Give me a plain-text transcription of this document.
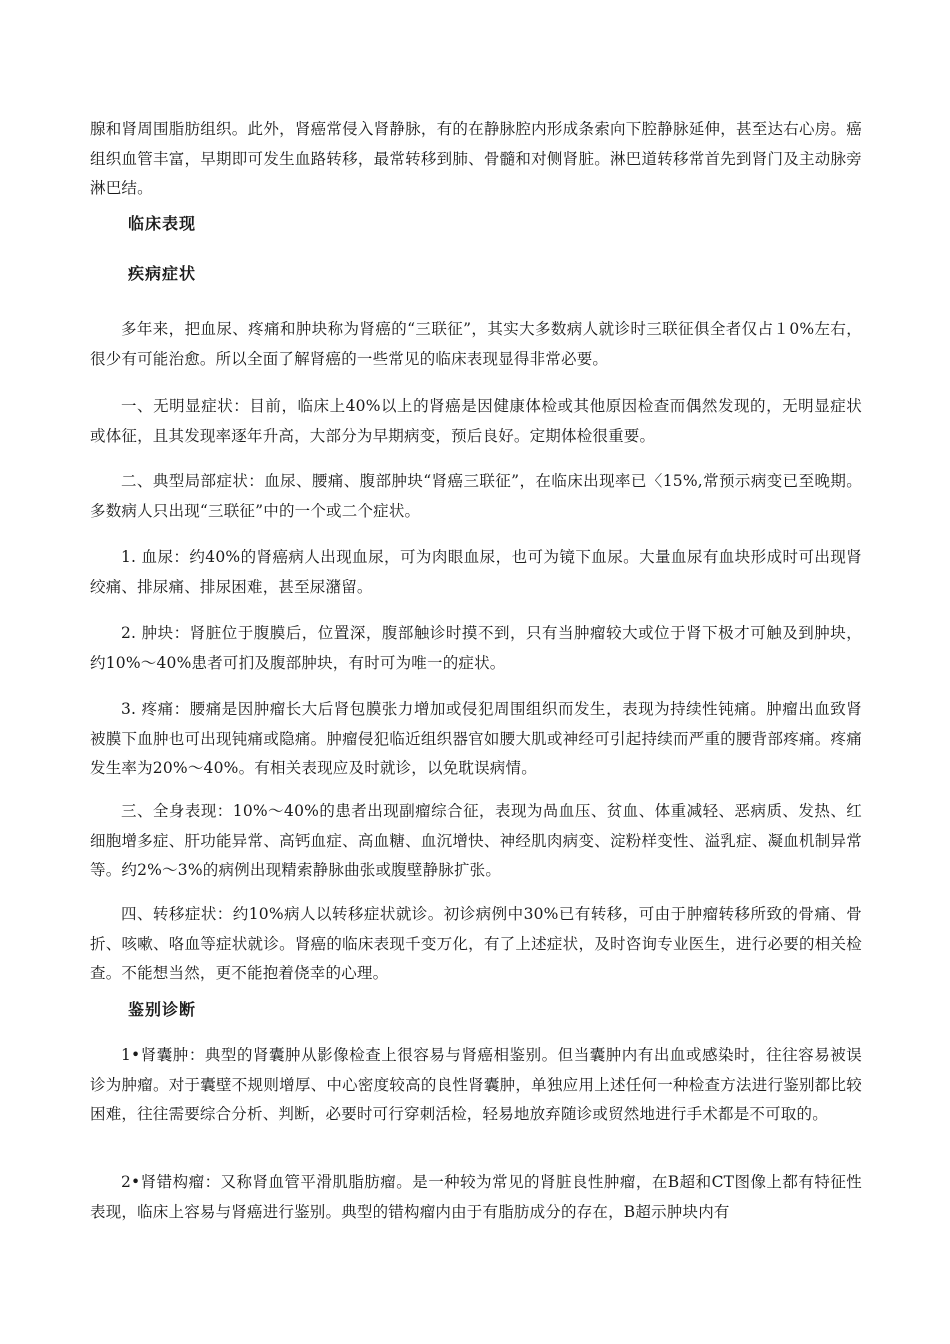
腺和肾周围脂肪组织。此外，肾癌常侵入肾静脉，有的在静脉腔内形成条索向下腔静脉延伸，甚至达右心房。癌组织血管丰富，早期即可发生血路转移，最常转移到肺、骨髓和对侧肾脏。淋巴道转移常首先到肾门及主动脉旁淋巴结。

临床表现
疾病症状

多年来，把血尿、疼痛和肿块称为肾癌的“三联征”，其实大多数病人就诊时三联征俱全者仅占１0%左右，很少有可能治愈。所以全面了解肾癌的一些常见的临床表现显得非常必要。

一、无明显症状：目前，临床上40%以上的肾癌是因健康体检或其他原因检查而偶然发现的，无明显症状或体征，且其发现率逐年升高，大部分为早期病变，预后良好。定期体检很重要。

二、典型局部症状：血尿、腰痛、腹部肿块“肾癌三联征”，在临床出现率已〈15%,常预示病变已至晚期。多数病人只出现“三联征”中的一个或二个症状。

1. 血尿：约40%的肾癌病人出现血尿，可为肉眼血尿，也可为镜下血尿。大量血尿有血块形成时可出现肾绞痛、排尿痛、排尿困难，甚至尿潴留。

2. 肿块：肾脏位于腹膜后，位置深，腹部触诊时摸不到，只有当肿瘤较大或位于肾下极才可触及到肿块，约10%〜40%患者可扪及腹部肿块，有时可为唯一的症状。

3. 疼痛：腰痛是因肿瘤长大后肾包膜张力增加或侵犯周围组织而发生，表现为持续性钝痛。肿瘤出血致肾被膜下血肿也可出现钝痛或隐痛。肿瘤侵犯临近组织器官如腰大肌或神经可引起持续而严重的腰背部疼痛。疼痛发生率为20%〜40%。有相关表现应及时就诊，以免耽误病情。

三、全身表现：10%〜40%的患者出现副瘤综合征，表现为咼血压、贫血、体重减轻、恶病质、发热、红细胞增多症、肝功能异常、高钙血症、高血糖、血沉增快、神经肌肉病变、淀粉样变性、溢乳症、凝血机制异常等。约2%〜3%的病例出现精索静脉曲张或腹壁静脉扩张。

四、转移症状：约10%病人以转移症状就诊。初诊病例中30%已有转移，可由于肿瘤转移所致的骨痛、骨折、咳嗽、咯血等症状就诊。肾癌的临床表现千变万化，有了上述症状，及时咨询专业医生，进行必要的相关检查。不能想当然，更不能抱着侥幸的心理。

鉴别诊断

1•肾囊肿：典型的肾囊肿从影像检查上很容易与肾癌相鉴别。但当囊肿内有出血或感染时，往往容易被误诊为肿瘤。对于囊壁不规则增厚、中心密度较高的良性肾囊肿，单独应用上述任何一种检查方法进行鉴别都比较困难，往往需要综合分析、判断，必要时可行穿刺活检，轻易地放弃随诊或贸然地进行手术都是不可取的。

2•肾错构瘤：又称肾血管平滑肌脂肪瘤。是一种较为常见的肾脏良性肿瘤，在B超和CT图像上都有特征性表现，临床上容易与肾癌进行鉴别。典型的错构瘤内由于有脂肪成分的存在，B超示肿块内有
